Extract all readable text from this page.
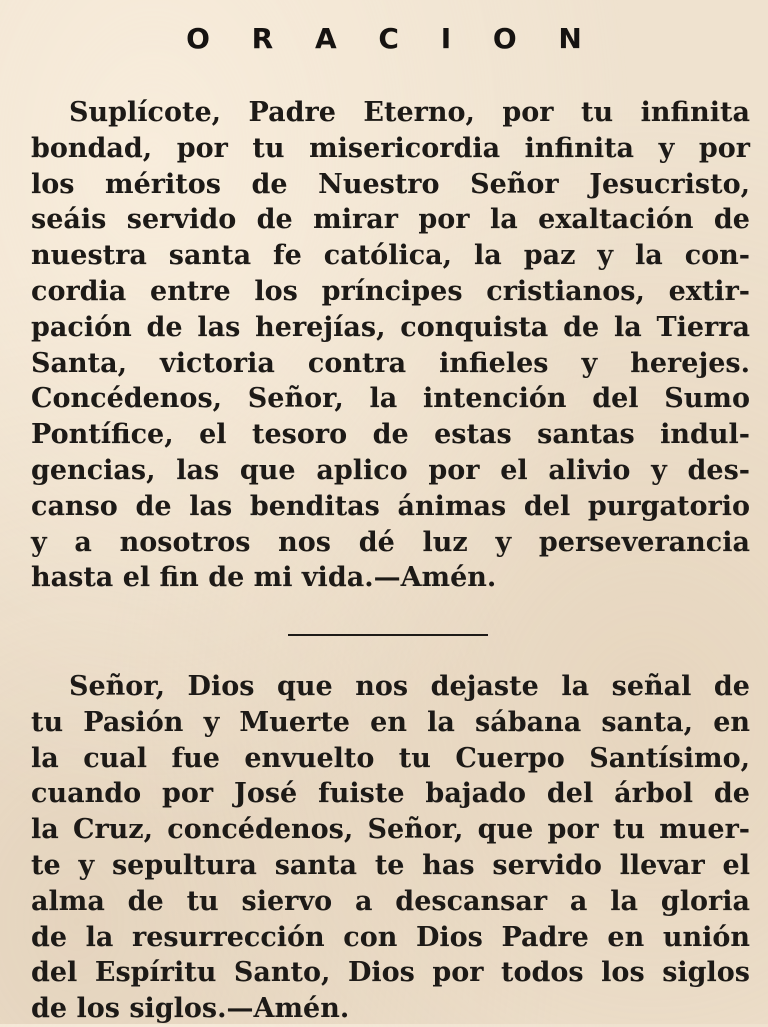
O R A C I O N
Suplícote, Padre Eterno, por tu infinita
bondad, por tu misericordia infinita y por
los méritos de Nuestro Señor Jesucristo,
seáis servido de mirar por la exaltación de
nuestra santa fe católica, la paz y la con-
cordia entre los príncipes cristianos, extir-
pación de las herejías, conquista de la Tierra
Santa, victoria contra infieles y herejes.
Concédenos, Señor, la intención del Sumo
Pontífice, el tesoro de estas santas indul-
gencias, las que aplico por el alivio y des-
canso de las benditas ánimas del purgatorio
y a nosotros nos dé luz y perseverancia
hasta el fin de mi vida.—Amén.
Señor, Dios que nos dejaste la señal de
tu Pasión y Muerte en la sábana santa, en
la cual fue envuelto tu Cuerpo Santísimo,
cuando por José fuiste bajado del árbol de
la Cruz, concédenos, Señor, que por tu muer-
te y sepultura santa te has servido llevar el
alma de tu siervo a descansar a la gloria
de la resurrección con Dios Padre en unión
del Espíritu Santo, Dios por todos los siglos
de los siglos.—Amén.
